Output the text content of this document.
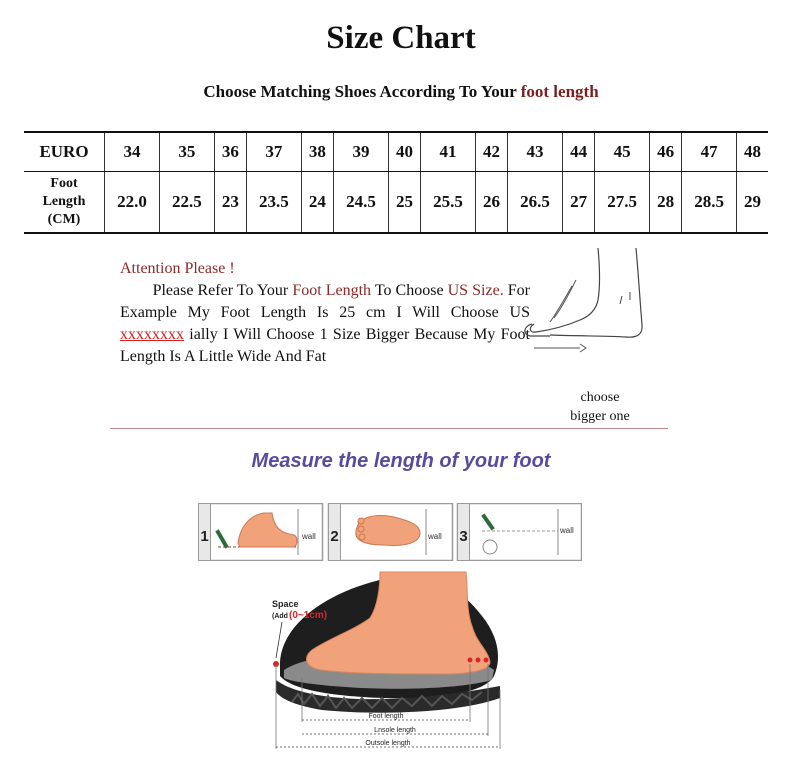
Size Chart
Choose Matching Shoes According To Your foot length
EURO	34	35	36	37	38	39	40	41	42	43	44	45	46	47	48

Foot
Length
(CM)	22.0	22.5	23	23.5	24	24.5	25	25.5	26	26.5	27	27.5	28	28.5	29
Attention Please !

Please Refer To Your Foot Length To Choose US Size. For Example My Foot Length Is 25 cm I Will Choose US xxxxxxxx ially I Will Choose 1 Size Bigger Because My Foot Length Is A Little Wide And Fat

choose
bigger one
Measure the length of your foot
1	wall 2	wall 3	wall
Space
(Add (0~1cm)
Foot length
Lnsole length
Outsole length
